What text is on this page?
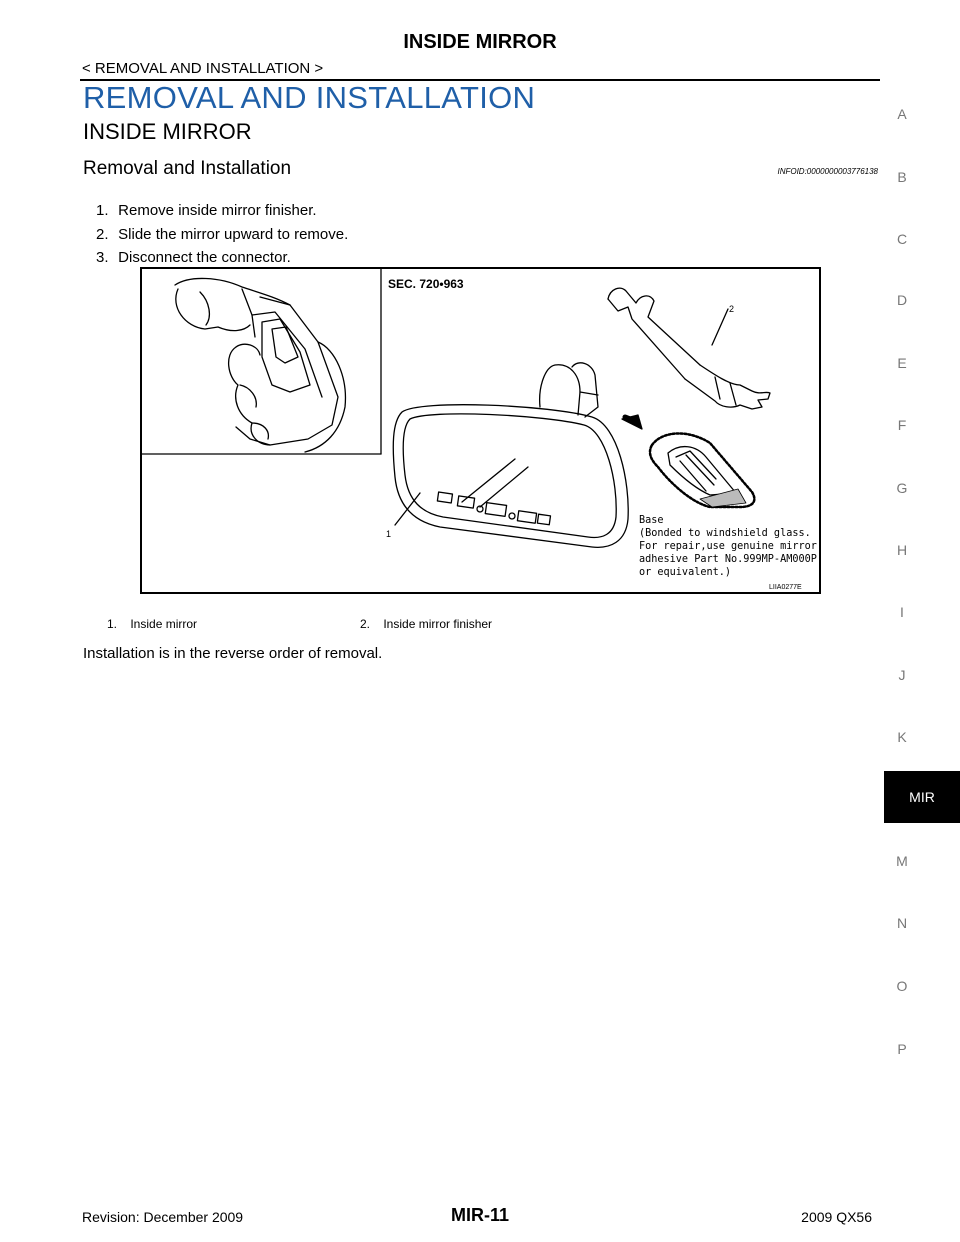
INSIDE MIRROR
< REMOVAL AND INSTALLATION >
REMOVAL AND INSTALLATION
INSIDE MIRROR
Removal and Installation	INFOID:0000000003776138
1. Remove inside mirror finisher.
2. Slide the mirror upward to remove.
3. Disconnect the connector.
SEC. 720•963
2
1
Base
(Bonded to windshield glass.
For repair,use genuine mirror
adhesive Part No.999MP-AM000P
or equivalent.)
LIIA0277E
1.    Inside mirror	2.    Inside mirror finisher
Installation is in the reverse order of removal.
A
B
C
D
E
F
G
H
I
J
K
MIR
M
N
O
P
MIR-11
Revision: December 2009	2009 QX56
